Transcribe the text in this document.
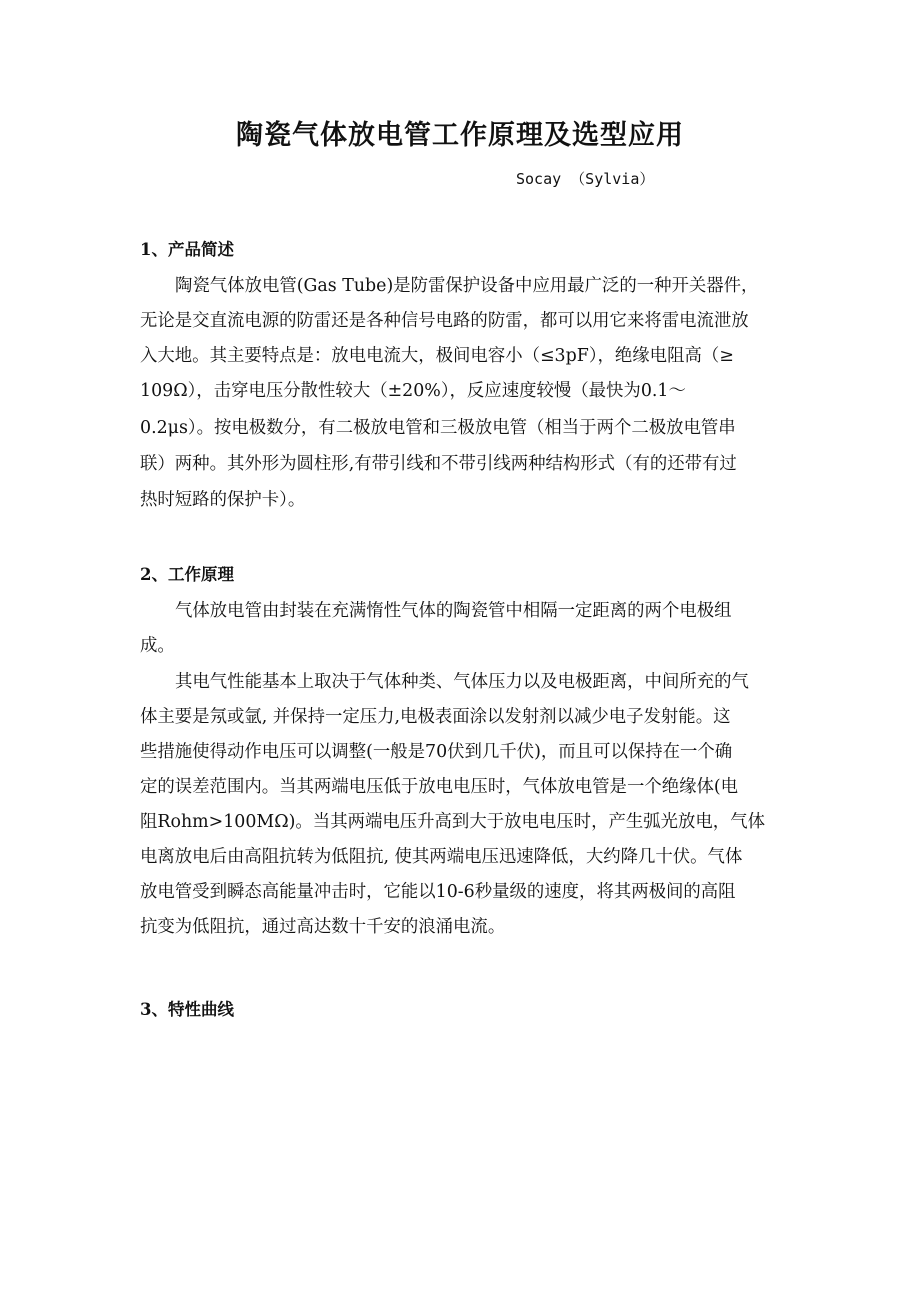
陶瓷气体放电管工作原理及选型应用
Socay （Sylvia）
1、产品简述
陶瓷气体放电管(Gas Tube)是防雷保护设备中应用最广泛的一种开关器件，
无论是交直流电源的防雷还是各种信号电路的防雷，都可以用它来将雷电流泄放
入大地。其主要特点是：放电电流大，极间电容小（≤3pF），绝缘电阻高（≥
109Ω），击穿电压分散性较大（±20%），反应速度较慢（最快为0.1～
0.2μs）。按电极数分，有二极放电管和三极放电管（相当于两个二极放电管串
联）两种。其外形为圆柱形,有带引线和不带引线两种结构形式（有的还带有过
热时短路的保护卡）。
2、工作原理
气体放电管由封装在充满惰性气体的陶瓷管中相隔一定距离的两个电极组
成。
其电气性能基本上取决于气体种类、气体压力以及电极距离，中间所充的气
体主要是氖或氩, 并保持一定压力,电极表面涂以发射剂以减少电子发射能。这
些措施使得动作电压可以调整(一般是70伏到几千伏)，而且可以保持在一个确
定的误差范围内。当其两端电压低于放电电压时，气体放电管是一个绝缘体(电
阻Rohm>100MΩ)。当其两端电压升高到大于放电电压时，产生弧光放电，气体
电离放电后由高阻抗转为低阻抗, 使其两端电压迅速降低，大约降几十伏。气体
放电管受到瞬态高能量冲击时，它能以10-6秒量级的速度，将其两极间的高阻
抗变为低阻抗，通过高达数十千安的浪涌电流。
3、特性曲线
